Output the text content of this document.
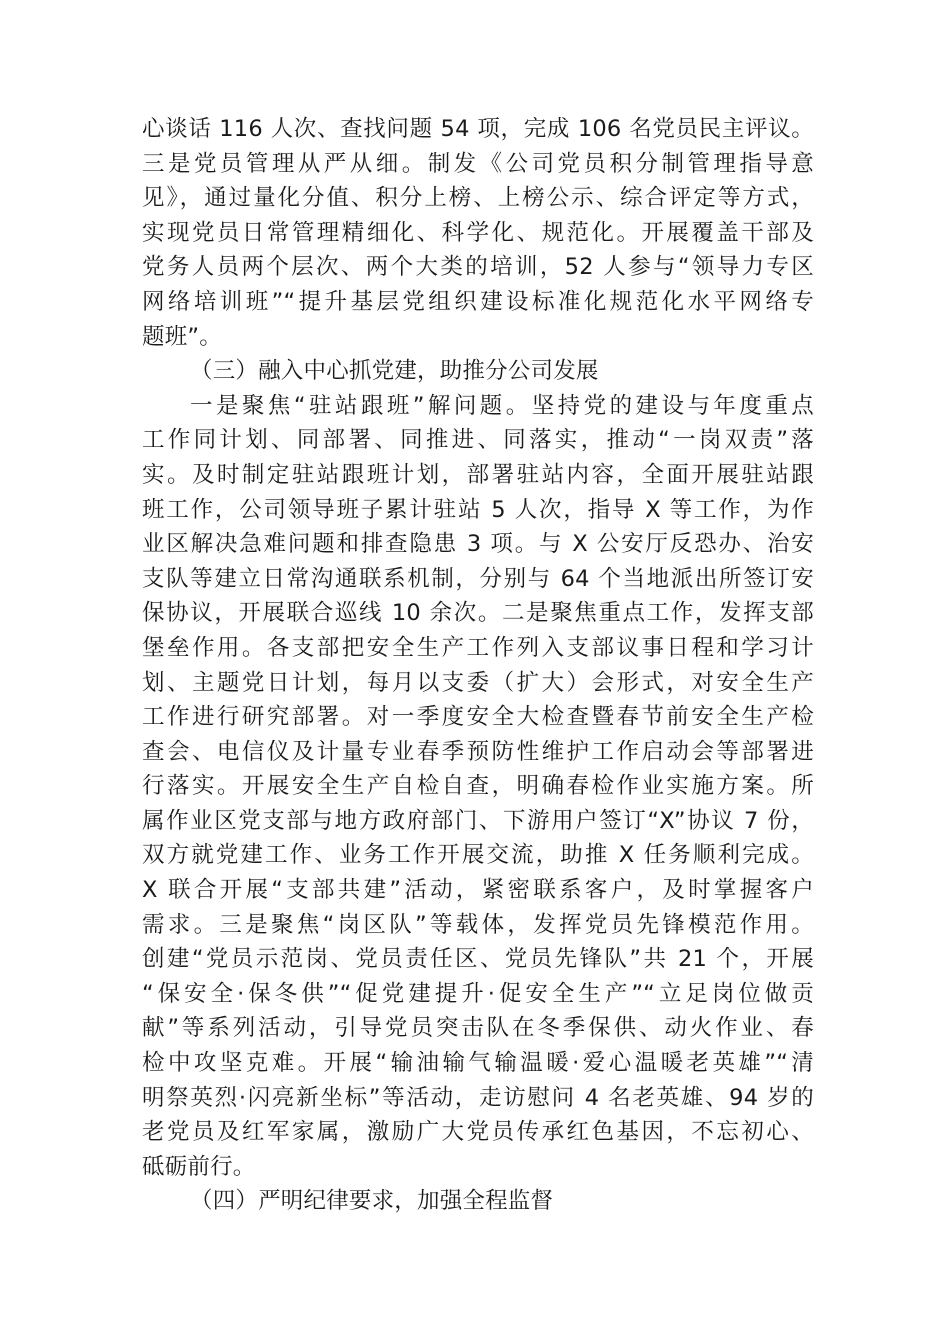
心谈话 116 人次、查找问题 54 项，完成 106 名党员民主评议。
三是党员管理从严从细。制发《公司党员积分制管理指导意
见》，通过量化分值、积分上榜、上榜公示、综合评定等方式，
实现党员日常管理精细化、科学化、规范化。开展覆盖干部及
党务人员两个层次、两个大类的培训，52 人参与“领导力专区
网络培训班”“提升基层党组织建设标准化规范化水平网络专
题班”。
（三）融入中心抓党建，助推分公司发展
一是聚焦“驻站跟班”解问题。坚持党的建设与年度重点
工作同计划、同部署、同推进、同落实，推动“一岗双责”落
实。及时制定驻站跟班计划，部署驻站内容，全面开展驻站跟
班工作，公司领导班子累计驻站 5 人次，指导 X 等工作，为作
业区解决急难问题和排查隐患 3 项。与 X 公安厅反恐办、治安
支队等建立日常沟通联系机制，分别与 64 个当地派出所签订安
保协议，开展联合巡线 10 余次。二是聚焦重点工作，发挥支部
堡垒作用。各支部把安全生产工作列入支部议事日程和学习计
划、主题党日计划，每月以支委（扩大）会形式，对安全生产
工作进行研究部署。对一季度安全大检查暨春节前安全生产检
查会、电信仪及计量专业春季预防性维护工作启动会等部署进
行落实。开展安全生产自检自查，明确春检作业实施方案。所
属作业区党支部与地方政府部门、下游用户签订“X”协议 7 份，
双方就党建工作、业务工作开展交流，助推 X 任务顺利完成。
X 联合开展“支部共建”活动，紧密联系客户，及时掌握客户
需求。三是聚焦“岗区队”等载体，发挥党员先锋模范作用。
创建“党员示范岗、党员责任区、党员先锋队”共 21 个，开展
“保安全·保冬供”“促党建提升·促安全生产”“立足岗位做贡
献”等系列活动，引导党员突击队在冬季保供、动火作业、春
检中攻坚克难。开展“输油输气输温暖·爱心温暖老英雄”“清
明祭英烈·闪亮新坐标”等活动，走访慰问 4 名老英雄、94 岁的
老党员及红军家属，激励广大党员传承红色基因，不忘初心、
砥砺前行。
（四）严明纪律要求，加强全程监督
